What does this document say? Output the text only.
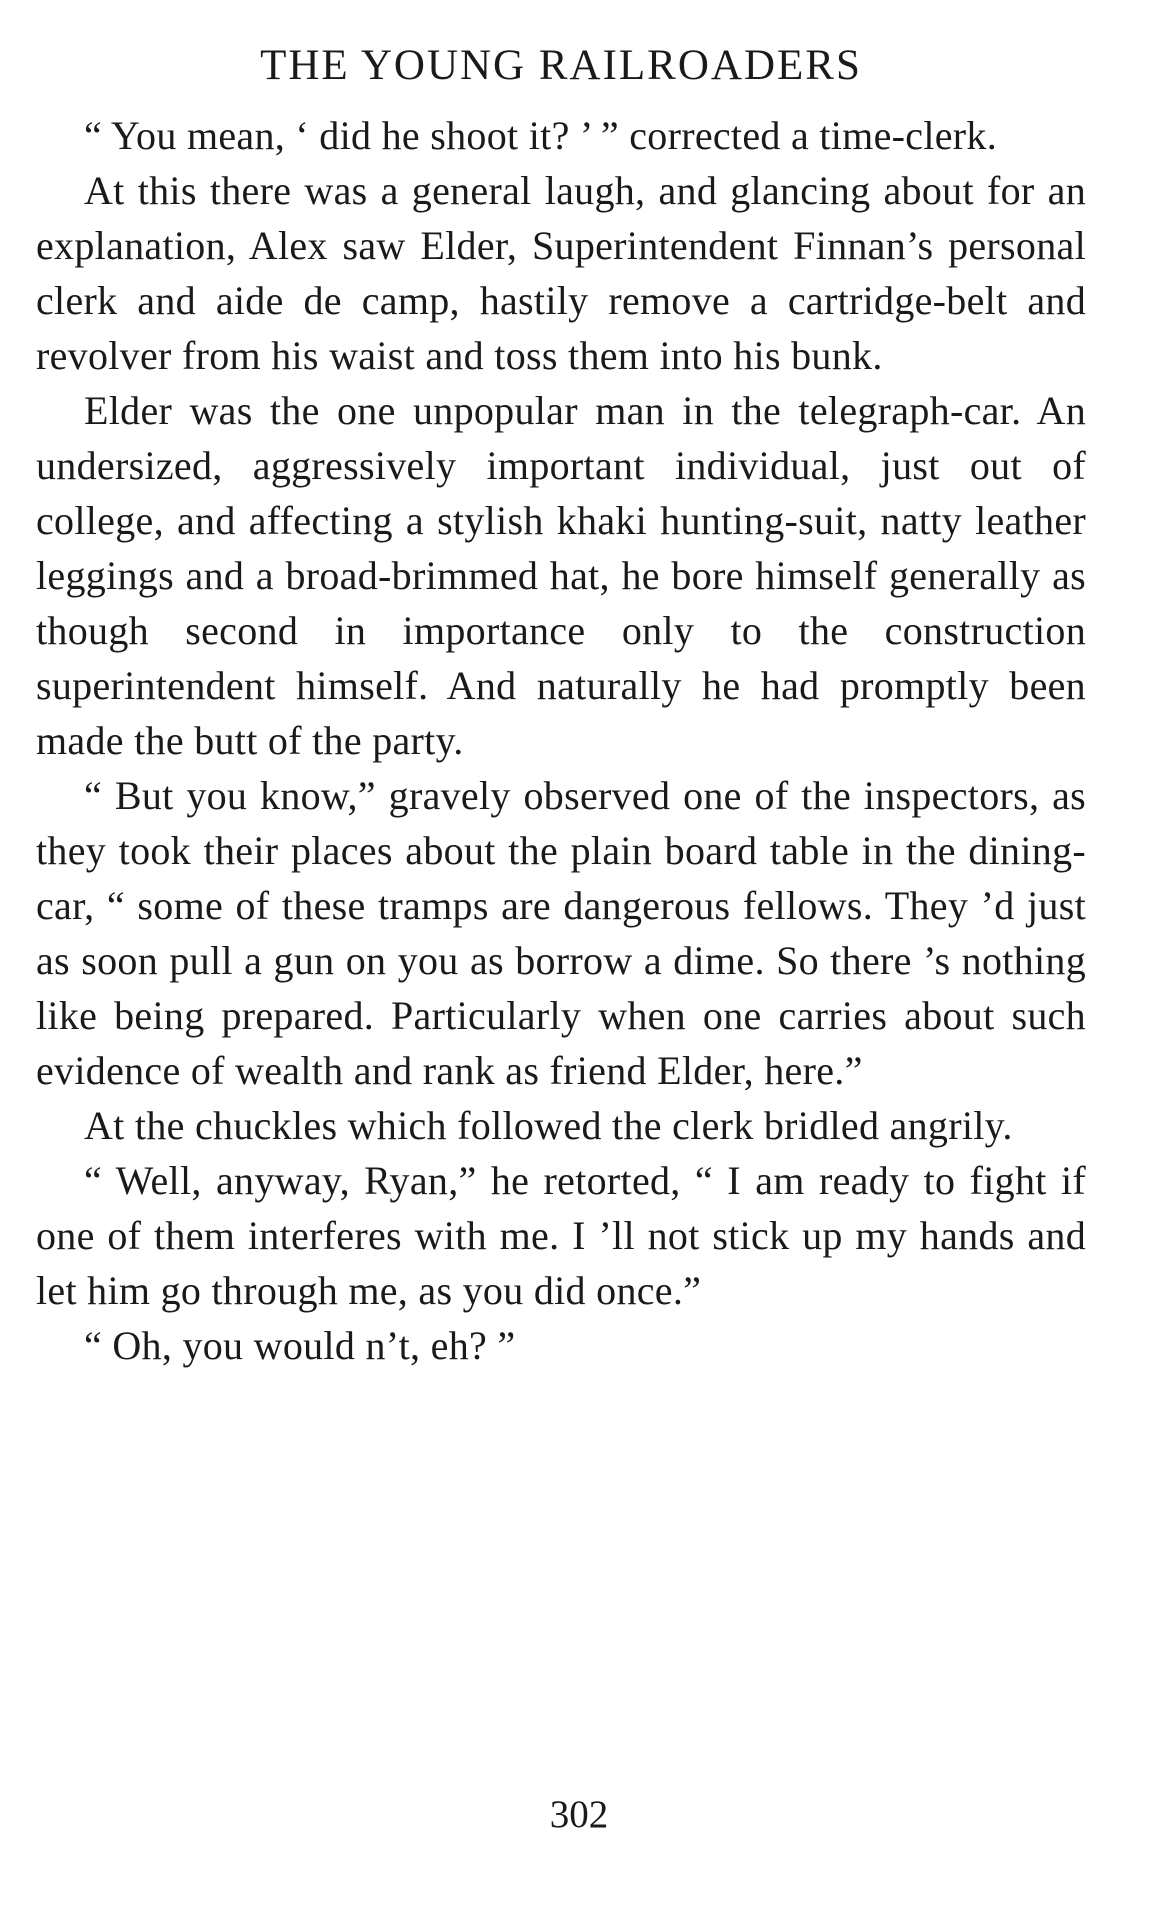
THE YOUNG RAILROADERS

“ You mean, ‘ did he shoot it? ’ ” corrected a time-clerk.

At this there was a general laugh, and glancing about for an explanation, Alex saw Elder, Superintendent Finnan’s personal clerk and aide de camp, hastily remove a cartridge-belt and revolver from his waist and toss them into his bunk.

Elder was the one unpopular man in the telegraph-car. An undersized, aggressively important individual, just out of college, and affecting a stylish khaki hunting-suit, natty leather leggings and a broad-brimmed hat, he bore himself generally as though second in importance only to the construction superintendent himself. And naturally he had promptly been made the butt of the party.

“ But you know,” gravely observed one of the inspectors, as they took their places about the plain board table in the dining-car, “ some of these tramps are dangerous fellows. They ’d just as soon pull a gun on you as borrow a dime. So there ’s nothing like being prepared. Particularly when one carries about such evidence of wealth and rank as friend Elder, here.”

At the chuckles which followed the clerk bridled angrily.

“ Well, anyway, Ryan,” he retorted, “ I am ready to fight if one of them interferes with me. I ’ll not stick up my hands and let him go through me, as you did once.”

“ Oh, you would n’t, eh? ”

302
